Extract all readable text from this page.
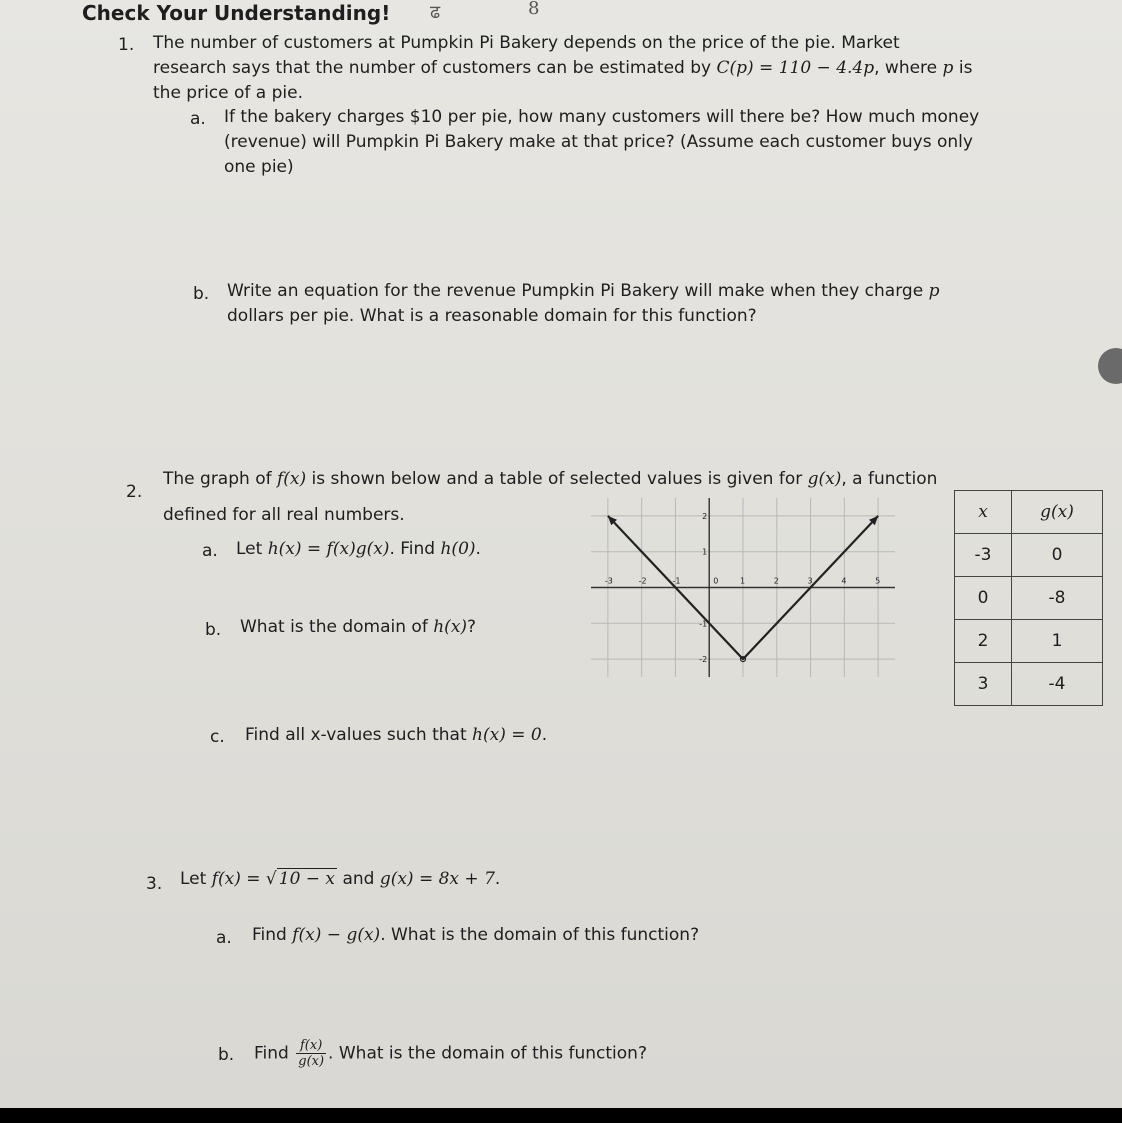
Check Your Understanding! ढ	8
1. The number of customers at Pumpkin Pi Bakery depends on the price of the pie. Market
research says that the number of customers can be estimated by C(p) = 110 − 4.4p, where p is
the price of a pie.
a. If the bakery charges $10 per pie, how many customers will there be? How much money
(revenue) will Pumpkin Pi Bakery make at that price? (Assume each customer buys only
one pie)
b. Write an equation for the revenue Pumpkin Pi Bakery will make when they charge p
dollars per pie. What is a reasonable domain for this function?
2.
The graph of f(x) is shown below and a table of selected values is given for g(x), a function
defined for all real numbers.
a. Let h(x) = f(x)g(x). Find h(0).
b. What is the domain of h(x)?
c. Find all x-values such that h(x) = 0.
-3	-2	-1	0	1	2	3	4	5
2
1
-1
-2
x	g(x)
-3	0
0	-8
2	1
3	-4
3. Let f(x) = √ 10 − x and g(x) = 8x + 7.
a. Find f(x) − g(x). What is the domain of this function?
b. Find $\frac{f(x)}{g(x)}$ . What is the domain of this function?
